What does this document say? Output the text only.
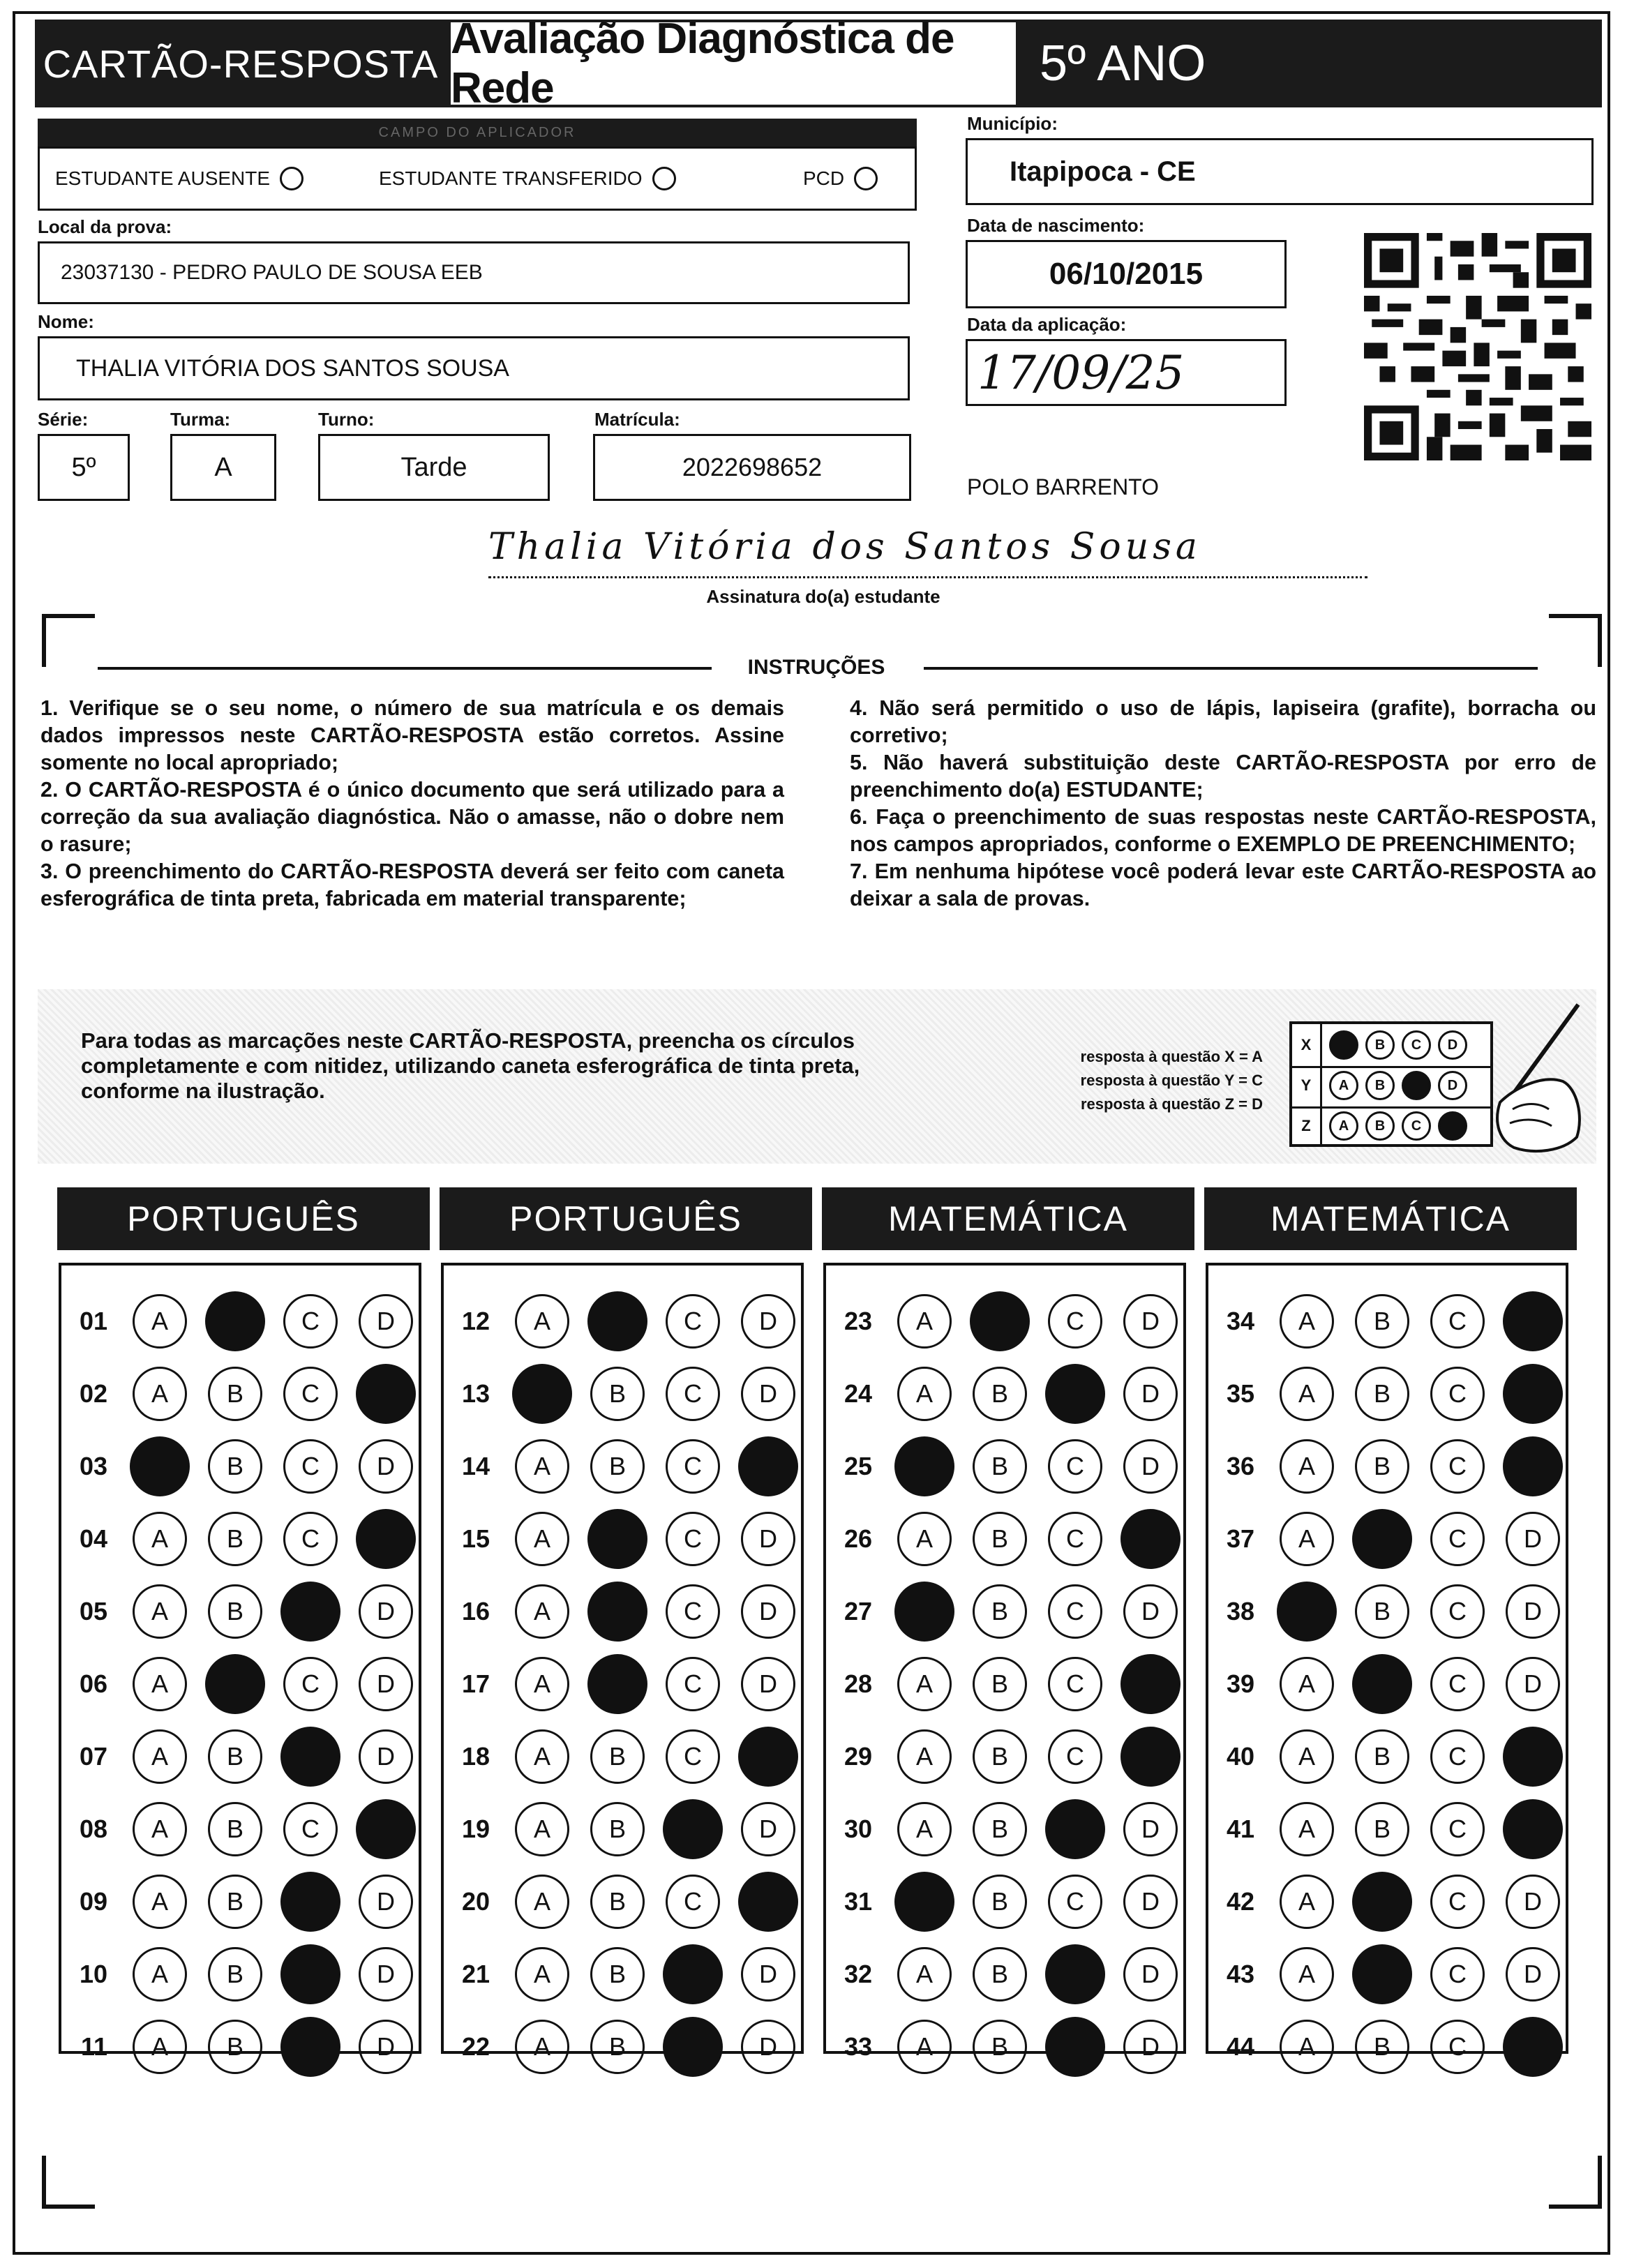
CARTÃO-RESPOSTA
Avaliação Diagnóstica de Rede	5º ANO
CAMPO DO APLICADOR
ESTUDANTE AUSENTE	ESTUDANTE TRANSFERIDO	PCD
Local da prova:
23037130 - PEDRO PAULO DE SOUSA EEB
Nome:
THALIA VITÓRIA DOS SANTOS SOUSA
Série:
5º
Turma:
A
Turno:
Tarde
Matrícula:
2022698652
Município:
Itapipoca - CE
Data de nascimento:
06/10/2015
Data da aplicação:
17/09/25
POLO BARRENTO
Thalia Vitória dos Santos Sousa
Assinatura do(a) estudante
INSTRUÇÕES

1. Verifique se o seu nome, o número de sua matrícula e os demais dados impressos neste CARTÃO-RESPOSTA estão corretos. Assine somente no local apropriado;

2. O CARTÃO-RESPOSTA é o único documento que será utilizado para a correção da sua avaliação diagnóstica. Não o amasse, não o dobre nem o rasure;

3. O preenchimento do CARTÃO-RESPOSTA deverá ser feito com caneta esferográfica de tinta preta, fabricada em material transparente;

4. Não será permitido o uso de lápis, lapiseira (grafite), borracha ou corretivo;

5. Não haverá substituição deste CARTÃO-RESPOSTA por erro de preenchimento do(a) ESTUDANTE;

6. Faça o preenchimento de suas respostas neste CARTÃO-RESPOSTA, nos campos apropriados, conforme o EXEMPLO DE PREENCHIMENTO;

7. Em nenhuma hipótese você poderá levar este CARTÃO-RESPOSTA ao deixar a sala de provas.

Para todas as marcações neste CARTÃO-RESPOSTA, preencha os círculos completamente e com nitidez, utilizando caneta esferográfica de tinta preta, conforme na ilustração.
resposta à questão X = A
resposta à questão Y = C
resposta à questão Z = D
X	B	C	D
Y	A	B	D
Z	A	B	C
PORTUGUÊS
01	A	C	D
02	A	B	C
03	B	C	D
04	A	B	C
05	A	B	D
06	A	C	D
07	A	B	D
08	A	B	C
09	A	B	D
10	A	B	D
11	A	B	D
PORTUGUÊS
12	A	C	D
13	B	C	D
14	A	B	C
15	A	C	D
16	A	C	D
17	A	C	D
18	A	B	C
19	A	B	D
20	A	B	C
21	A	B	D
22	A	B	D
MATEMÁTICA
23	A	C	D
24	A	B	D
25	B	C	D
26	A	B	C
27	B	C	D
28	A	B	C
29	A	B	C
30	A	B	D
31	B	C	D
32	A	B	D
33	A	B	D
MATEMÁTICA
34	A	B	C
35	A	B	C
36	A	B	C
37	A	C	D
38	B	C	D
39	A	C	D
40	A	B	C
41	A	B	C
42	A	C	D
43	A	C	D
44	A	B	C
